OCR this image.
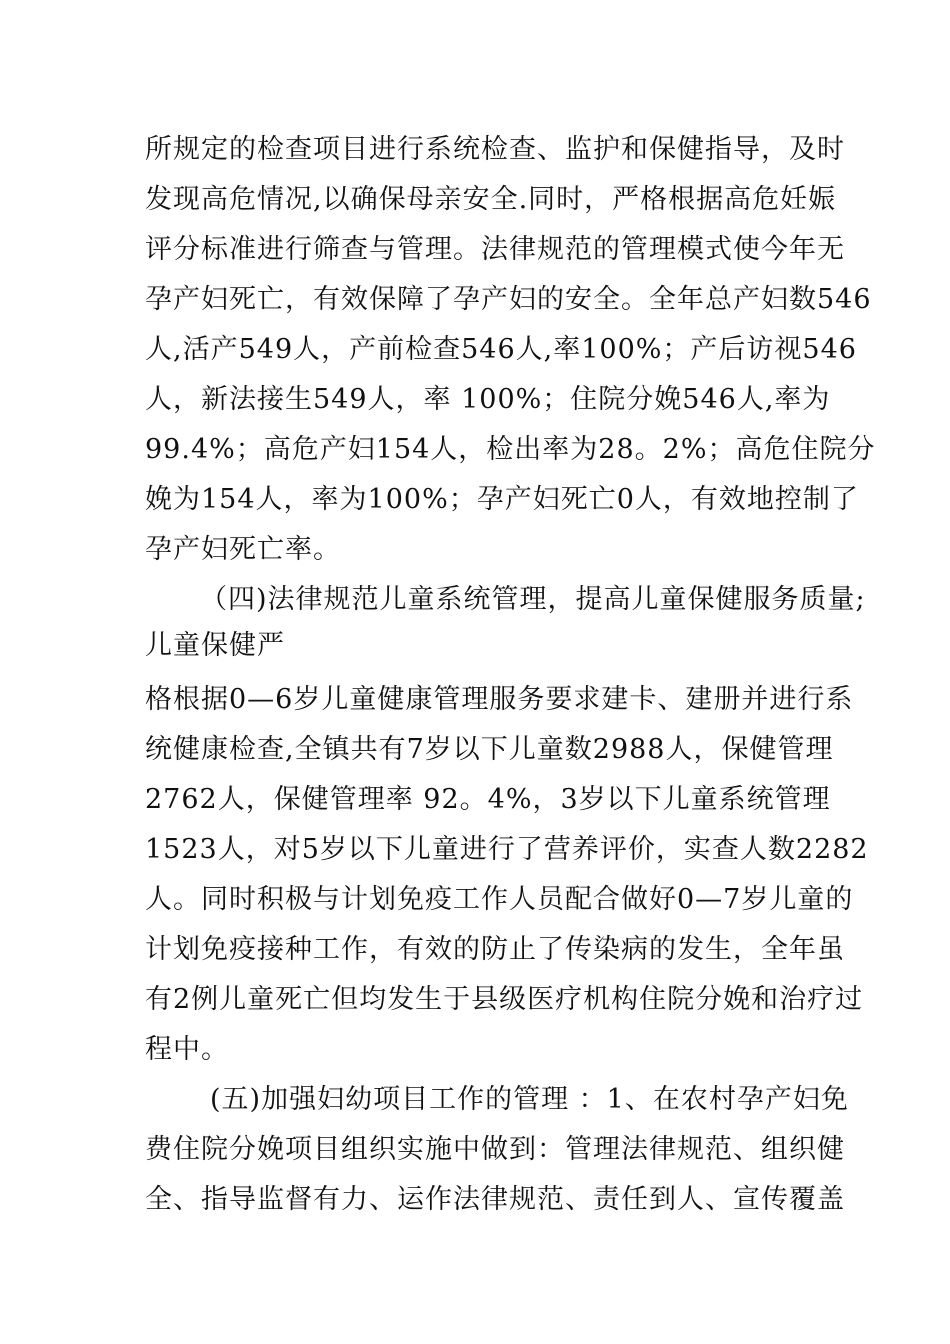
所规定的检查项目进行系统检查、监护和保健指导，及时
发现高危情况,以确保母亲安全.同时，严格根据高危妊娠
评分标准进行筛查与管理。法律规范的管理模式使今年无
孕产妇死亡，有效保障了孕产妇的安全。全年总产妇数546
人,活产549人，产前检查546人,率100%；产后访视546
人，新法接生549人，率 100%；住院分娩546人,率为
99.4%；高危产妇154人，检出率为28。2%；高危住院分
娩为154人，率为100%；孕产妇死亡0人，有效地控制了
孕产妇死亡率。
（四)法律规范儿童系统管理，提高儿童保健服务质量;
儿童保健严
格根据0—6岁儿童健康管理服务要求建卡、建册并进行系
统健康检查,全镇共有7岁以下儿童数2988人，保健管理
2762人，保健管理率 92。4%，3岁以下儿童系统管理
1523人，对5岁以下儿童进行了营养评价，实查人数2282
人。同时积极与计划免疫工作人员配合做好0—7岁儿童的
计划免疫接种工作，有效的防止了传染病的发生，全年虽
有2例儿童死亡但均发生于县级医疗机构住院分娩和治疗过
程中。
(五)加强妇幼项目工作的管理 ：1、在农村孕产妇免
费住院分娩项目组织实施中做到：管理法律规范、组织健
全、指导监督有力、运作法律规范、责任到人、宣传覆盖
